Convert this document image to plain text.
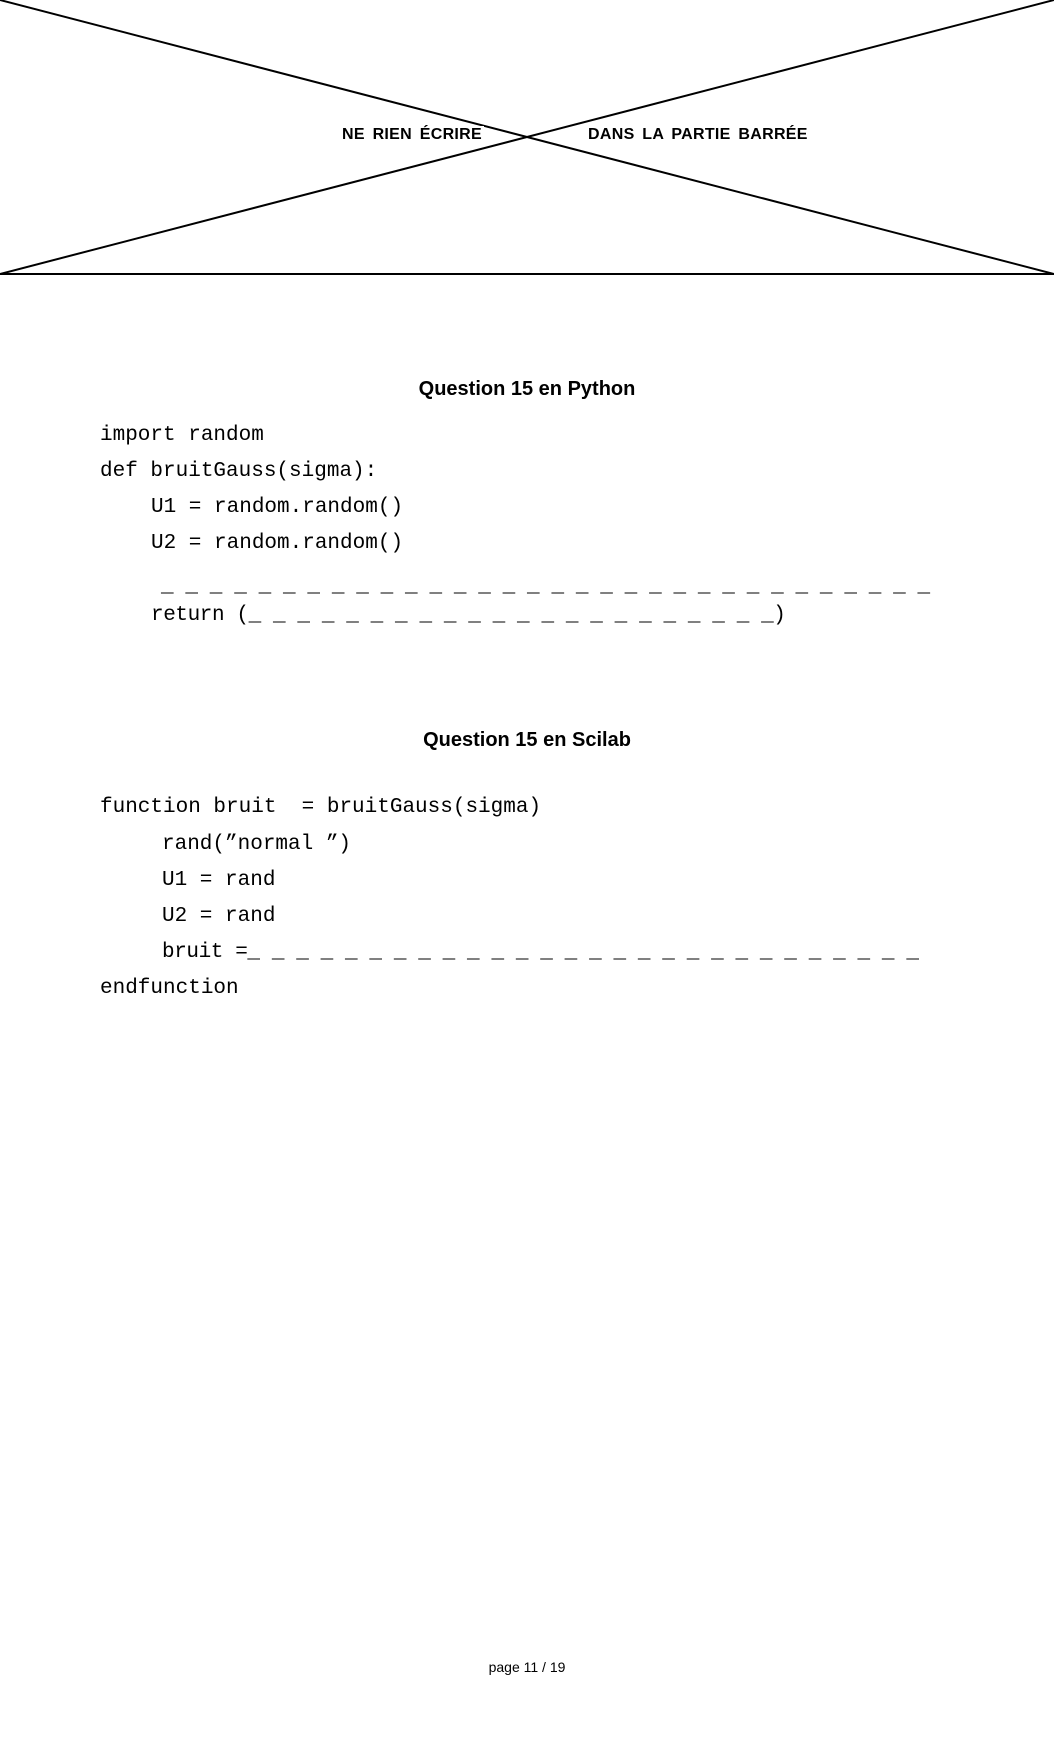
NE RIEN ÉCRIRE	DANS LA PARTIE BARRÉE
Question 15 en Python
import random
def bruitGauss(sigma):
U1 = random.random()
U2 = random.random()
_ _ _ _ _ _ _ _ _ _ _ _ _ _ _ _ _ _ _ _ _ _ _ _ _ _ _ _ _ _ _ _
return (_ _ _ _ _ _ _ _ _ _ _ _ _ _ _ _ _ _ _ _ _ _)
Question 15 en Scilab
function bruit  = bruitGauss(sigma)
rand(”normal ”)
U1 = rand
U2 = rand
bruit =_ _ _ _ _ _ _ _ _ _ _ _ _ _ _ _ _ _ _ _ _ _ _ _ _ _ _ _
endfunction
page 11 / 19
